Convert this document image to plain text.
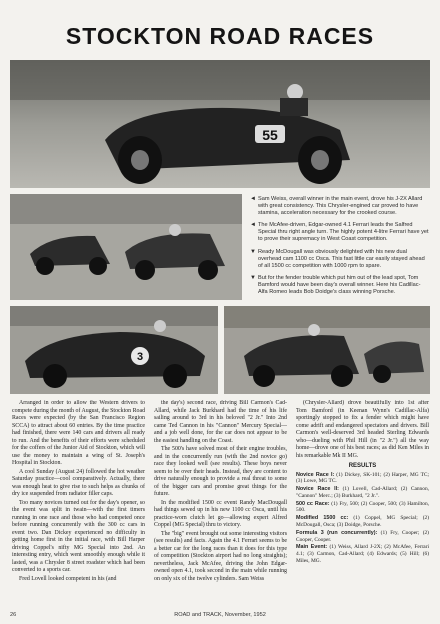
STOCKTON ROAD RACES
55
◄ Sam Weiss, overall winner in the main event, drove his J-2X Allard with great consistency. This Chrysler-engined car proved to have stamina, acceleration necessary for the crooked course.
◄ The McAfee-driven, Edgar-owned 4.1 Ferrari leads the Salfred Special thru right angle turn. The highly potent 4-litre Ferrari have yet to prove their supremacy in West Coast competition.
▼ Ready McDougall was obviously delighted with his new dual overhead cam 1100 cc Osca. This fast little car easily stayed ahead of all 1500 cc competition with 1000 rpm to spare.
▼ But for the fender trouble which put him out of the lead spot, Tom Bamford would have been day's overall winner. Here his Cadillac-Alfa Romeo leads Bob Doidge's class winning Porsche.
3

Arranged in order to allow the Western drivers to compete during the month of August, the Stockton Road Races were expected (by the San Francisco Region SCCA) to attract about 60 entries. By the time practice had finished, there were 140 cars and drivers all ready to run. And the benefits of their efforts were scheduled for the coffers of the Junior Aid of Stockton, which will use the money to maintain a wing of St. Joseph's Hospital in Stockton.

A cool Sunday (August 24) followed the hot weather Saturday practice—cool comparatively. Actually, there was enough heat to give rise to such helps as chunks of dry ice suspended from radiator filler caps.

Too many novices turned out for the day's opener, so the event was split in twain—with the first timers running in one race and those who had competed once before running concurrently with the 300 cc cars in event two. Dan Dickey experienced no difficulty in getting home first in the initial race, with Bill Harper driving Coppel's nifty MG Special into 2nd. An interesting entry, which went smoothly enough while it lasted, was a Chrysler 8 street roadster which had been converted to a sports car.

Fred Lovell looked competent in his (and

the day's) second race, driving Bill Carmon's Cad-Allard, while Jack Burkhard had the time of his life sailing around to 3rd in his beloved "2 Jr." Into 2nd came Ted Cannon in his "Cannon" Mercury Special—and a job well done, for the car does not appear to be the easiest handling on the Coast.

The 500's have solved most of their engine troubles, and in the concurrently run (with the 2nd novice go) race they looked well (see results). These boys never seem to be over their heads. Instead, they are content to drive naturally enough to provide a real threat to some of the bigger cars and promise great things for the future.

In the modified 1500 cc event Randy MacDougall had things sewed up in his new 1100 cc Osca, until his practice-worn clutch let go—allowing expert Alfred Coppel (MG Special) thru to victory.

The "big" event brought out some interesting visitors (see results) and facts. Again the 4.1 Ferrari seems to be a better car for the long races than it does for this type of competition (Stockton airport had no long straights); nevertheless, Jack McAfee, driving the John Edgar-owned open 4.1, took second in the main while running on only six of the twelve cylinders. Sam Weiss

(Chrysler-Allard) drove beautifully into 1st after Tom Bamford (in Keenan Wynn's Cadillac-Alfa) sportingly stopped to fix a fender which might have come adrift and endangered spectators and drivers. Bill Carmon's well-deserved 3rd headed Sterling Edwards who—dueling with Phil Hill (in "2 Jr.") all the way home—drove one of his best races; as did Ken Miles in his remarkable Mk II MG.

RESULTS

Novice Race I: (1) Dickey, SK-101; (2) Harper, MG TC; (3) Lowe, MG TC.

Novice Race II: (1) Lovell, Cad-Allard; (2) Cannon, "Cannon" Merc.; (3) Burkhard, "2 Jr.".

500 cc Race: (1) Fry, 500; (2) Cooper, 500; (3) Hamilton, 500.

Modified 1500 cc: (1) Coppel, MG Special; (2) McDougall, Osca; (3) Doidge, Porsche.

Formula 3 (run concurrently): (1) Fry, Cooper; (2) Cooper, Cooper.

Main Event: (1) Weiss, Allard J-2X; (2) McAfee, Ferrari 4.1; (3) Carmon, Cad-Allard; (4) Edwards; (5) Hill; (6) Miles, MG.

26	ROAD and TRACK, November, 1952
